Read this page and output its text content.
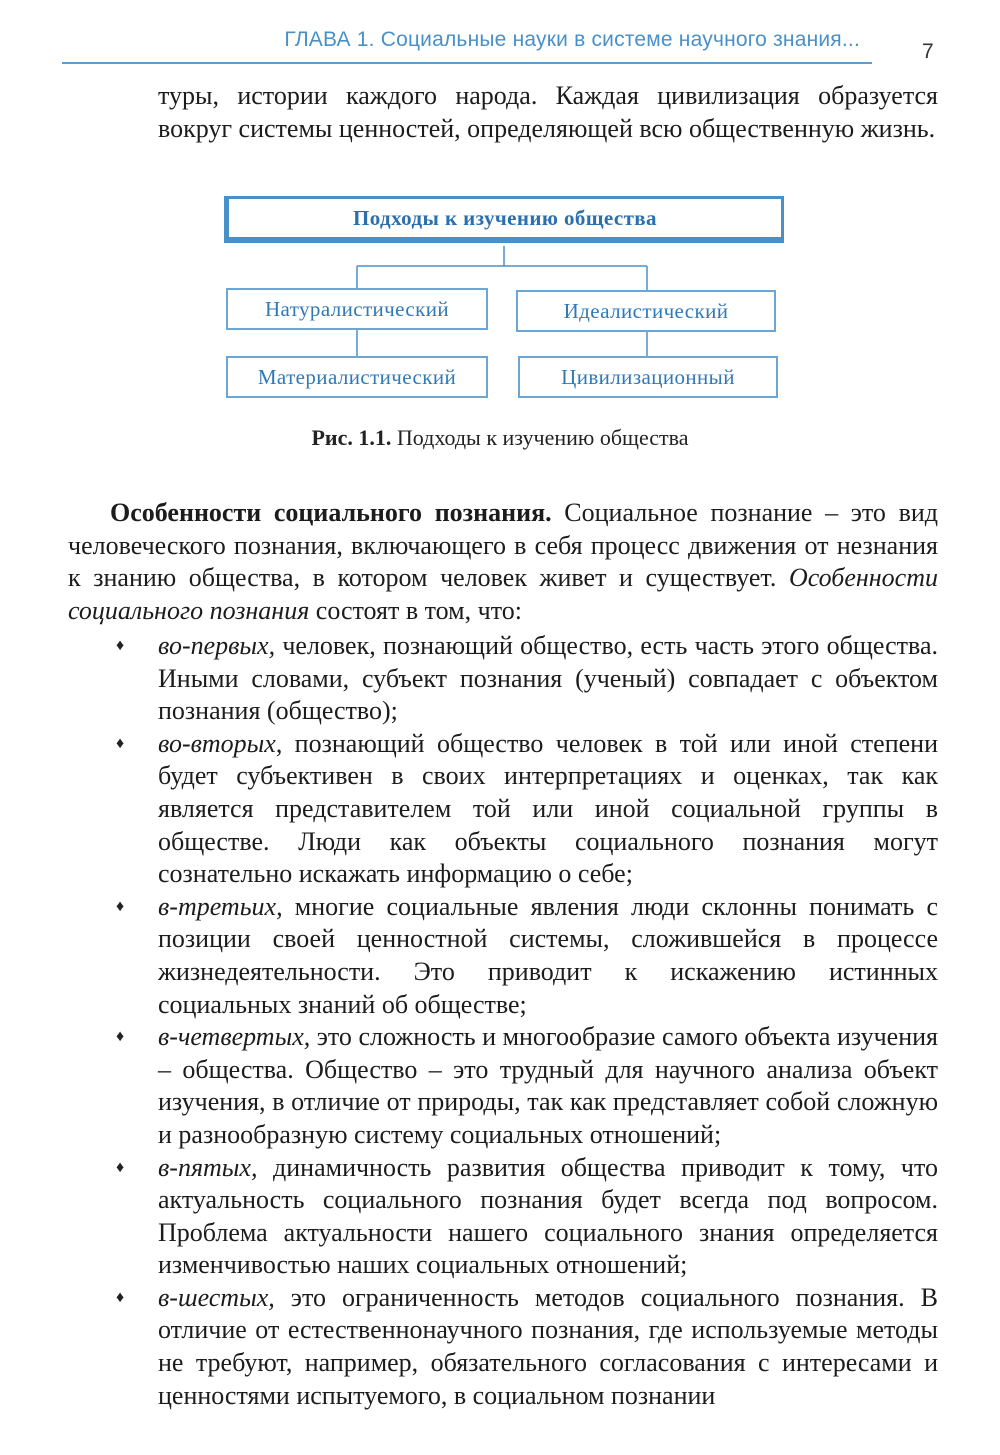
ГЛАВА 1. Социальные науки в системе научного знания...
7
туры, истории каждого народа. Каждая цивилизация образуется вокруг системы ценностей, определяющей всю общественную жизнь.
Подходы к изучению общества
Натуралистический	Идеалистический
Материалистический	Цивилизационный
Рис. 1.1. Подходы к изучению общества
Особенности социального познания. Социальное познание – это вид человеческого познания, включающего в себя процесс движения от незнания к знанию общества, в котором человек живет и существует. Особенности социального познания состоят в том, что:
♦ во-первых, человек, познающий общество, есть часть этого общества. Иными словами, субъект познания (ученый) совпадает с объектом познания (общество);
♦ во-вторых, познающий общество человек в той или иной степени будет субъективен в своих интерпретациях и оценках, так как является представителем той или иной социальной группы в обществе. Люди как объекты социального познания могут сознательно искажать информацию о себе;
♦ в-третьих, многие социальные явления люди склонны понимать с позиции своей ценностной системы, сложившейся в процессе жизнедеятельности. Это приводит к искажению истинных социальных знаний об обществе;
♦ в-четвертых, это сложность и многообразие самого объекта изучения – общества. Общество – это трудный для научного анализа объект изучения, в отличие от природы, так как представляет собой сложную и разнообразную систему социальных отношений;
♦ в-пятых, динамичность развития общества приводит к тому, что актуальность социального познания будет всегда под вопросом. Проблема актуальности нашего социального знания определяется изменчивостью наших социальных отношений;
♦ в-шестых, это ограниченность методов социального познания. В отличие от естественнонаучного познания, где используемые методы не требуют, например, обязательного согласования с интересами и ценностями испытуемого, в социальном познании
